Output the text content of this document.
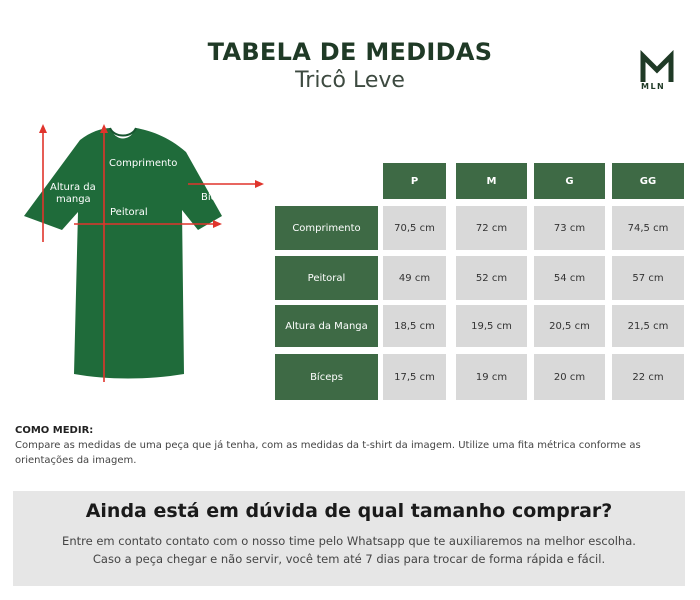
TABELA DE MEDIDAS
Tricô Leve	MLN
Comprimento
Altura da
manga
Peitoral
Bíceps
P	M	G	GG
Comprimento	70,5 cm	72 cm	73 cm	74,5 cm
Peitoral	49 cm	52 cm	54 cm	57 cm
Altura da Manga	18,5 cm	19,5 cm	20,5 cm	21,5 cm
Bíceps	17,5 cm	19 cm	20 cm	22 cm
COMO MEDIR:
Compare as medidas de uma peça que já tenha, com as medidas da t-shirt da imagem. Utilize uma fita métrica conforme as orientações da imagem.
Ainda está em dúvida de qual tamanho comprar?
Entre em contato contato com o nosso time pelo Whatsapp que te auxiliaremos na melhor escolha.
Caso a peça chegar e não servir, você tem até 7 dias para trocar de forma rápida e fácil.
